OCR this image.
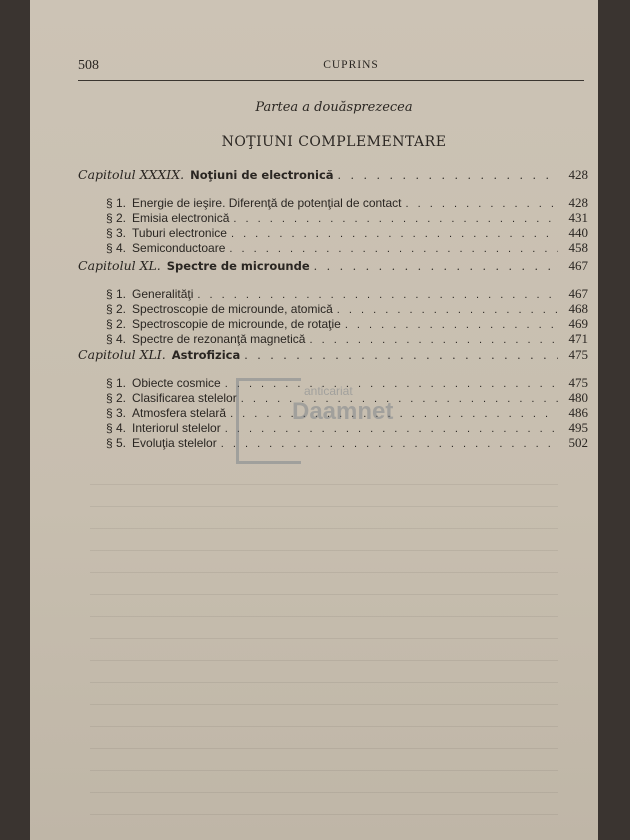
508	CUPRINS
Partea a douăsprezecea
NOŢIUNI COMPLEMENTARE
Capitolul XXXIX. Noţiuni de electronică . . .	428
§ 1. Energie de ieşire. Diferenţă de potenţial de contact . . .	428
§ 2. Emisia electronică . . .	431
§ 3. Tuburi electronice . . .	440
§ 4. Semiconductoare . . .	458
Capitolul XL. Spectre de microunde . . .	467
§ 1. Generalităţi . . .	467
§ 2. Spectroscopie de microunde, atomică . . .	468
§ 2. Spectroscopie de microunde, de rotaţie . . .	469
§ 4. Spectre de rezonanţă magnetică . . .	471
Capitolul XLI. Astrofizica . . .	475
§ 1. Obiecte cosmice . . .	475
§ 2. Clasificarea stelelor . . .	480
§ 3. Atmosfera stelară . . .	486
§ 4. Interiorul stelelor . . .	495
§ 5. Evoluţia stelelor . . .	502
anticariat
Daamnet
